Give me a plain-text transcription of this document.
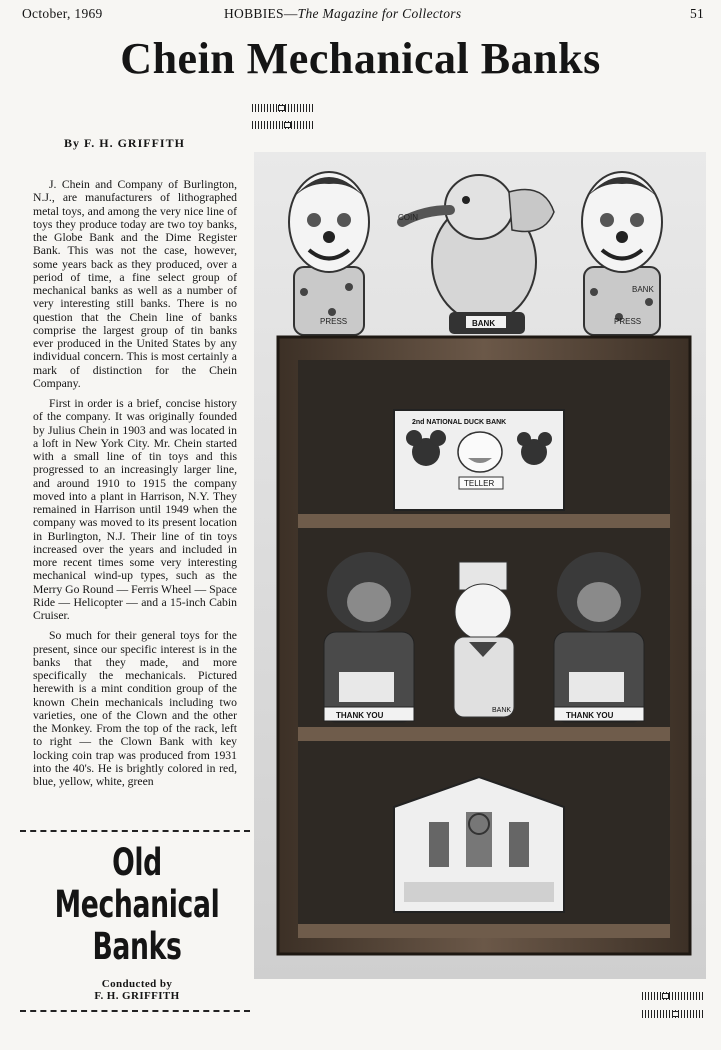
October, 1969	HOBBIES—The Magazine for Collectors	51
Chein Mechanical Banks
By F. H. GRIFFITH

J. Chein and Company of Burlington, N.J., are manufacturers of lithographed metal toys, and among the very nice line of toys they produce today are two toy banks, the Globe Bank and the Dime Register Bank. This was not the case, however, some years back as they produced, over a period of time, a fine select group of mechanical banks as well as a number of very interesting still banks. There is no question that the Chein line of banks comprise the largest group of tin banks ever produced in the United States by any individual concern. This is most certainly a mark of distinction for the Chein Company.

First in order is a brief, concise history of the company. It was originally founded by Julius Chein in 1903 and was located in a loft in New York City. Mr. Chein started with a small line of tin toys and this progressed to an increasingly larger line, and around 1910 to 1915 the company moved into a plant in Harrison, N.Y. They remained in Harrison until 1949 when the company was moved to its present location in Burlington, N.J. Their line of tin toys increased over the years and included in more recent times some very interesting mechanical wind-up types, such as the Merry Go Round — Ferris Wheel — Space Ride — Helicopter — and a 15-inch Cabin Cruiser.

So much for their general toys for the present, since our specific interest is in the banks that they made, and more specifically the mechanicals. Pictured herewith is a mint condition group of the known Chein mechanicals including two varieties, one of the Clown and the other the Monkey. From the top of the rack, left to right — the Clown Bank with key locking coin trap was produced from 1931 into the 40's. He is brightly colored in red, blue, yellow, white, green

Old
Mechanical
Banks
Conducted by
F. H. GRIFFITH
PRESS
COIN
BANK
BANK
PRESS
2nd NATIONAL DUCK BANK
TELLER
THANK YOU
BANK
THANK YOU
